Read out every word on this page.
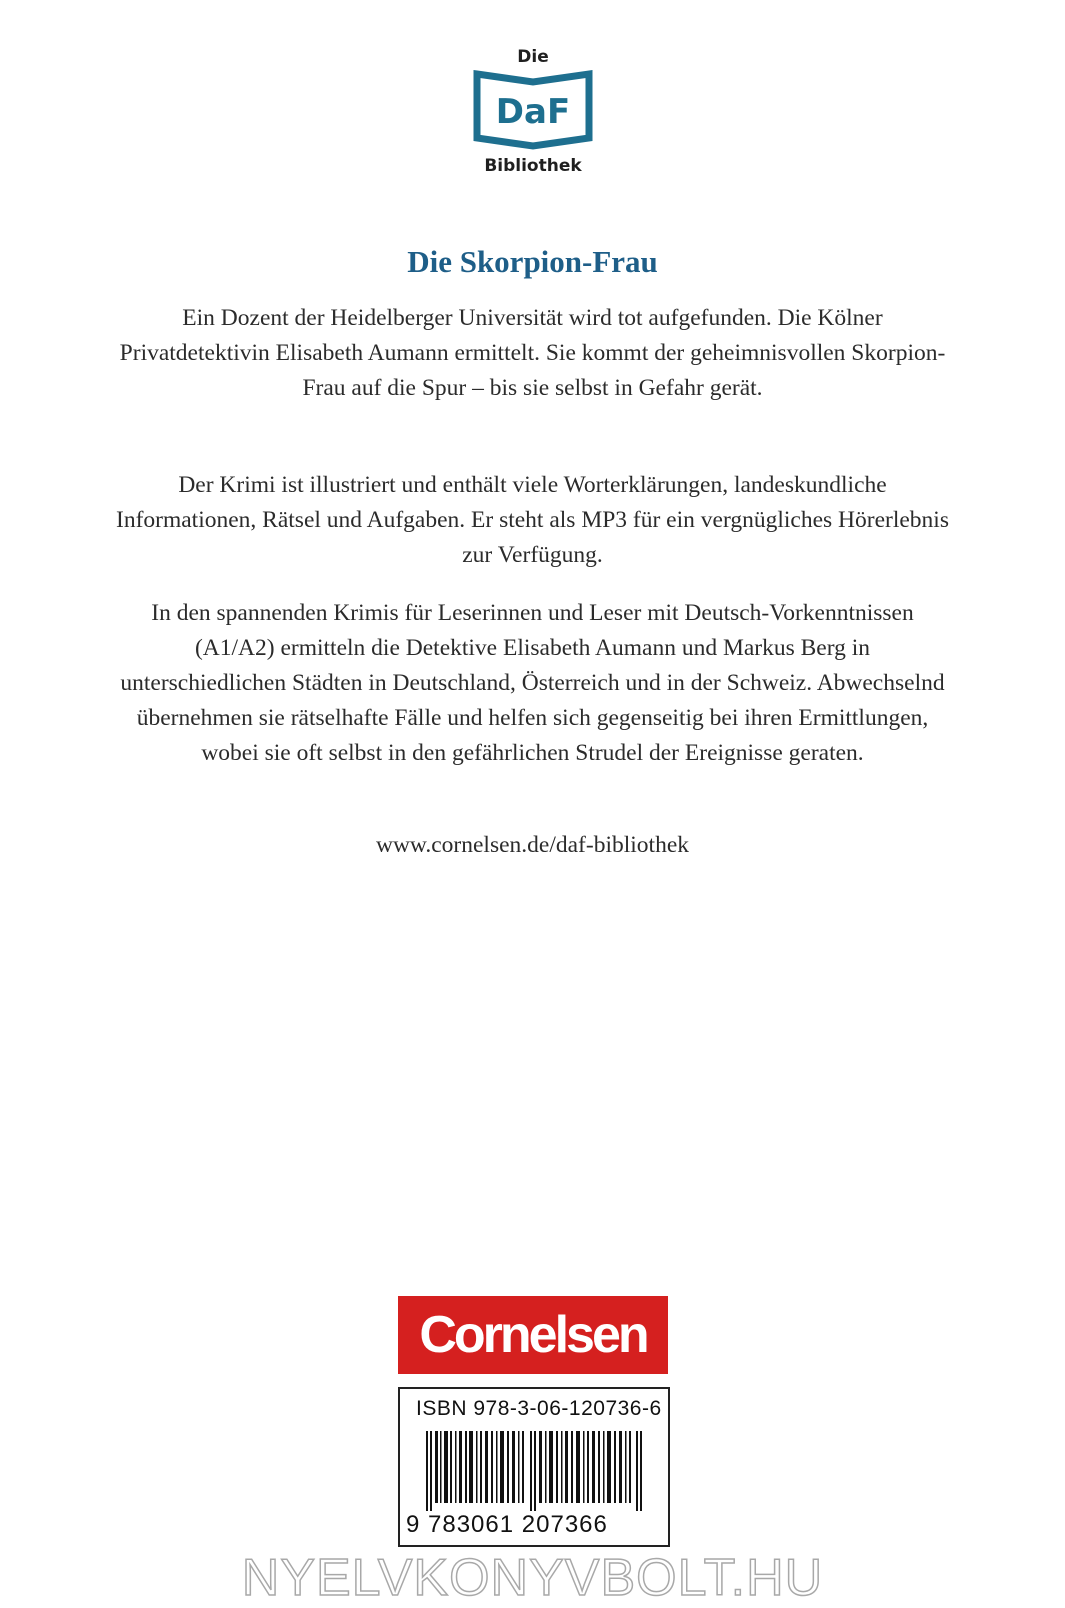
Die
DaF
Bibliothek
Die Skorpion-Frau
Ein Dozent der Heidelberger Universität wird tot aufgefunden. Die Kölner Privatdetektivin Elisabeth Aumann ermittelt. Sie kommt der geheimnisvollen Skorpion-Frau auf die Spur – bis sie selbst in Gefahr gerät.
Der Krimi ist illustriert und enthält viele Worterklärungen, landeskundliche Informationen, Rätsel und Aufgaben. Er steht als MP3 für ein vergnügliches Hörerlebnis zur Verfügung.
In den spannenden Krimis für Leserinnen und Leser mit Deutsch-Vorkenntnissen (A1/A2) ermitteln die Detektive Elisabeth Aumann und Markus Berg in unterschiedlichen Städten in Deutschland, Österreich und in der Schweiz. Abwechselnd übernehmen sie rätselhafte Fälle und helfen sich gegenseitig bei ihren Ermittlungen, wobei sie oft selbst in den gefährlichen Strudel der Ereignisse geraten.
www.cornelsen.de/daf-bibliothek
Cornelsen
ISBN 978-3-06-120736-6
9 783061 207366
NYELVKONYVBOLT.HU
